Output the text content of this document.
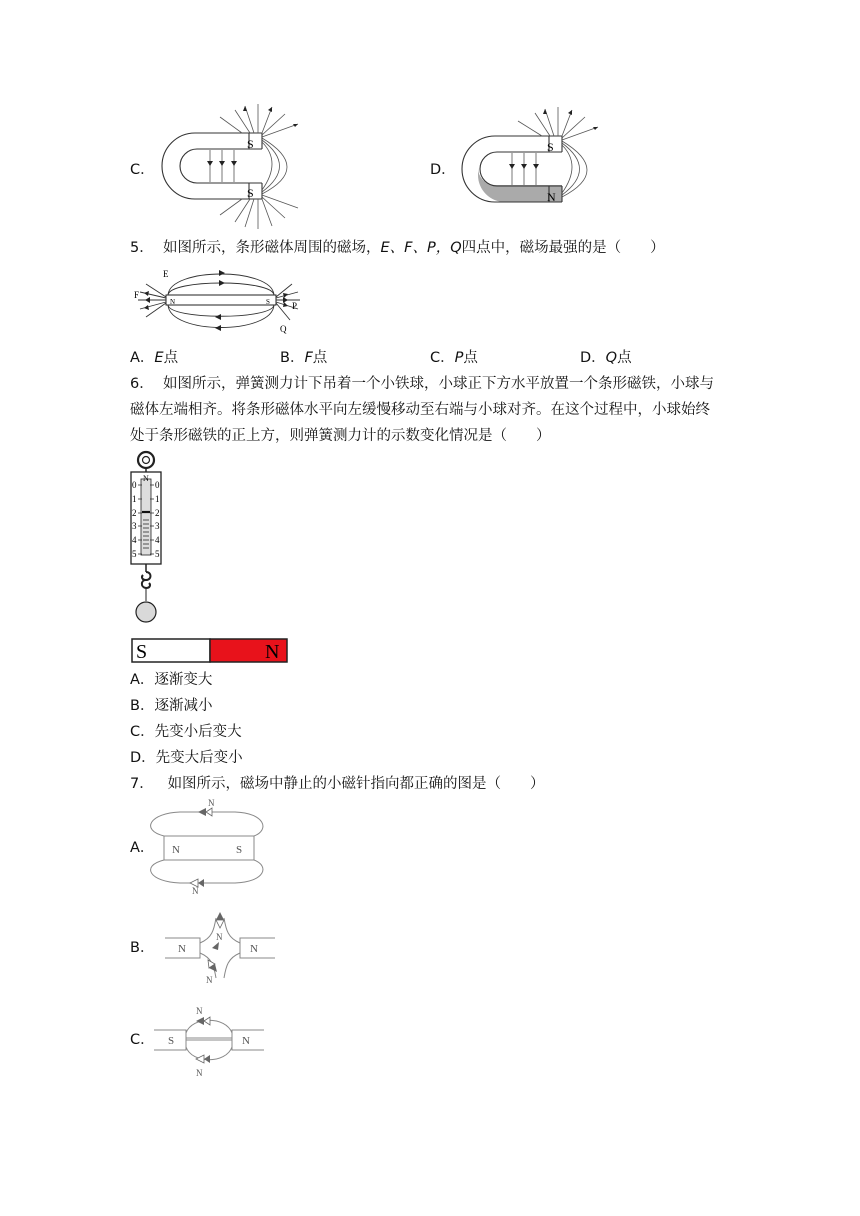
C．
S
S
D．
S
N
5． 如图所示，条形磁体周围的磁场，E、F、P，Q四点中，磁场最强的是（　　）
E
F
P
Q
N	S
A．E点	B．F点	C．P点	D．Q点
6． 如图所示，弹簧测力计下吊着一个小铁球，小球正下方水平放置一个条形磁铁，小球与
磁体左端相齐。将条形磁体水平向左缓慢移动至右端与小球对齐。在这个过程中，小球始终
处于条形磁铁的正上方，则弹簧测力计的示数变化情况是（　　）
N
0 0
1 1
2 2
3 3
4 4
5 5
S	N
A．逐渐变大
B．逐渐减小
C．先变小后变大
D．先变大后变小
7． 如图所示，磁场中静止的小磁针指向都正确的图是（　　）
A． N	S
N
N
B． N	N
N
N
C． S	N
N
N
